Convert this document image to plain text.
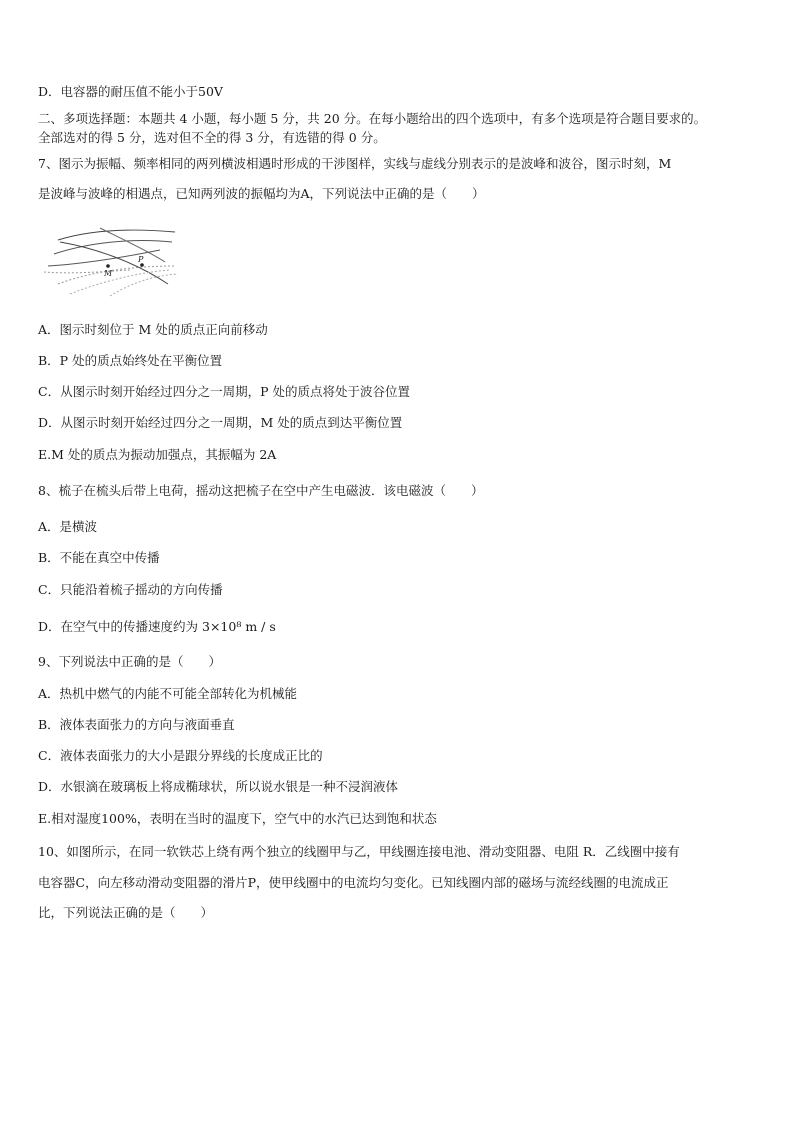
D．电容器的耐压值不能小于50V
二、多项选择题：本题共 4 小题，每小题 5 分，共 20 分。在每小题给出的四个选项中，有多个选项是符合题目要求的。
全部选对的得 5 分，选对但不全的得 3 分，有选错的得 0 分。
7、图示为振幅、频率相同的两列横波相遇时形成的干涉图样，实线与虚线分别表示的是波峰和波谷，图示时刻，M
是波峰与波峰的相遇点，已知两列波的振幅均为A，下列说法中正确的是（　　）
M
P
A．图示时刻位于 M 处的质点正向前移动
B．P 处的质点始终处在平衡位置
C．从图示时刻开始经过四分之一周期，P 处的质点将处于波谷位置
D．从图示时刻开始经过四分之一周期，M 处的质点到达平衡位置
E.M 处的质点为振动加强点，其振幅为 2A
8、梳子在梳头后带上电荷，摇动这把梳子在空中产生电磁波．该电磁波（　　）
A．是横波
B．不能在真空中传播
C．只能沿着梳子摇动的方向传播
D．在空气中的传播速度约为 3×10⁸ m / s
9、下列说法中正确的是（　　）
A．热机中燃气的内能不可能全部转化为机械能
B．液体表面张力的方向与液面垂直
C．液体表面张力的大小是跟分界线的长度成正比的
D．水银滴在玻璃板上将成椭球状，所以说水银是一种不浸润液体
E.相对湿度100%，表明在当时的温度下，空气中的水汽已达到饱和状态
10、如图所示，在同一软铁芯上绕有两个独立的线圈甲与乙，甲线圈连接电池、滑动变阻器、电阻 R．乙线圈中接有
电容器C，向左移动滑动变阻器的滑片P，使甲线圈中的电流均匀变化。已知线圈内部的磁场与流经线圈的电流成正
比，下列说法正确的是（　　）
